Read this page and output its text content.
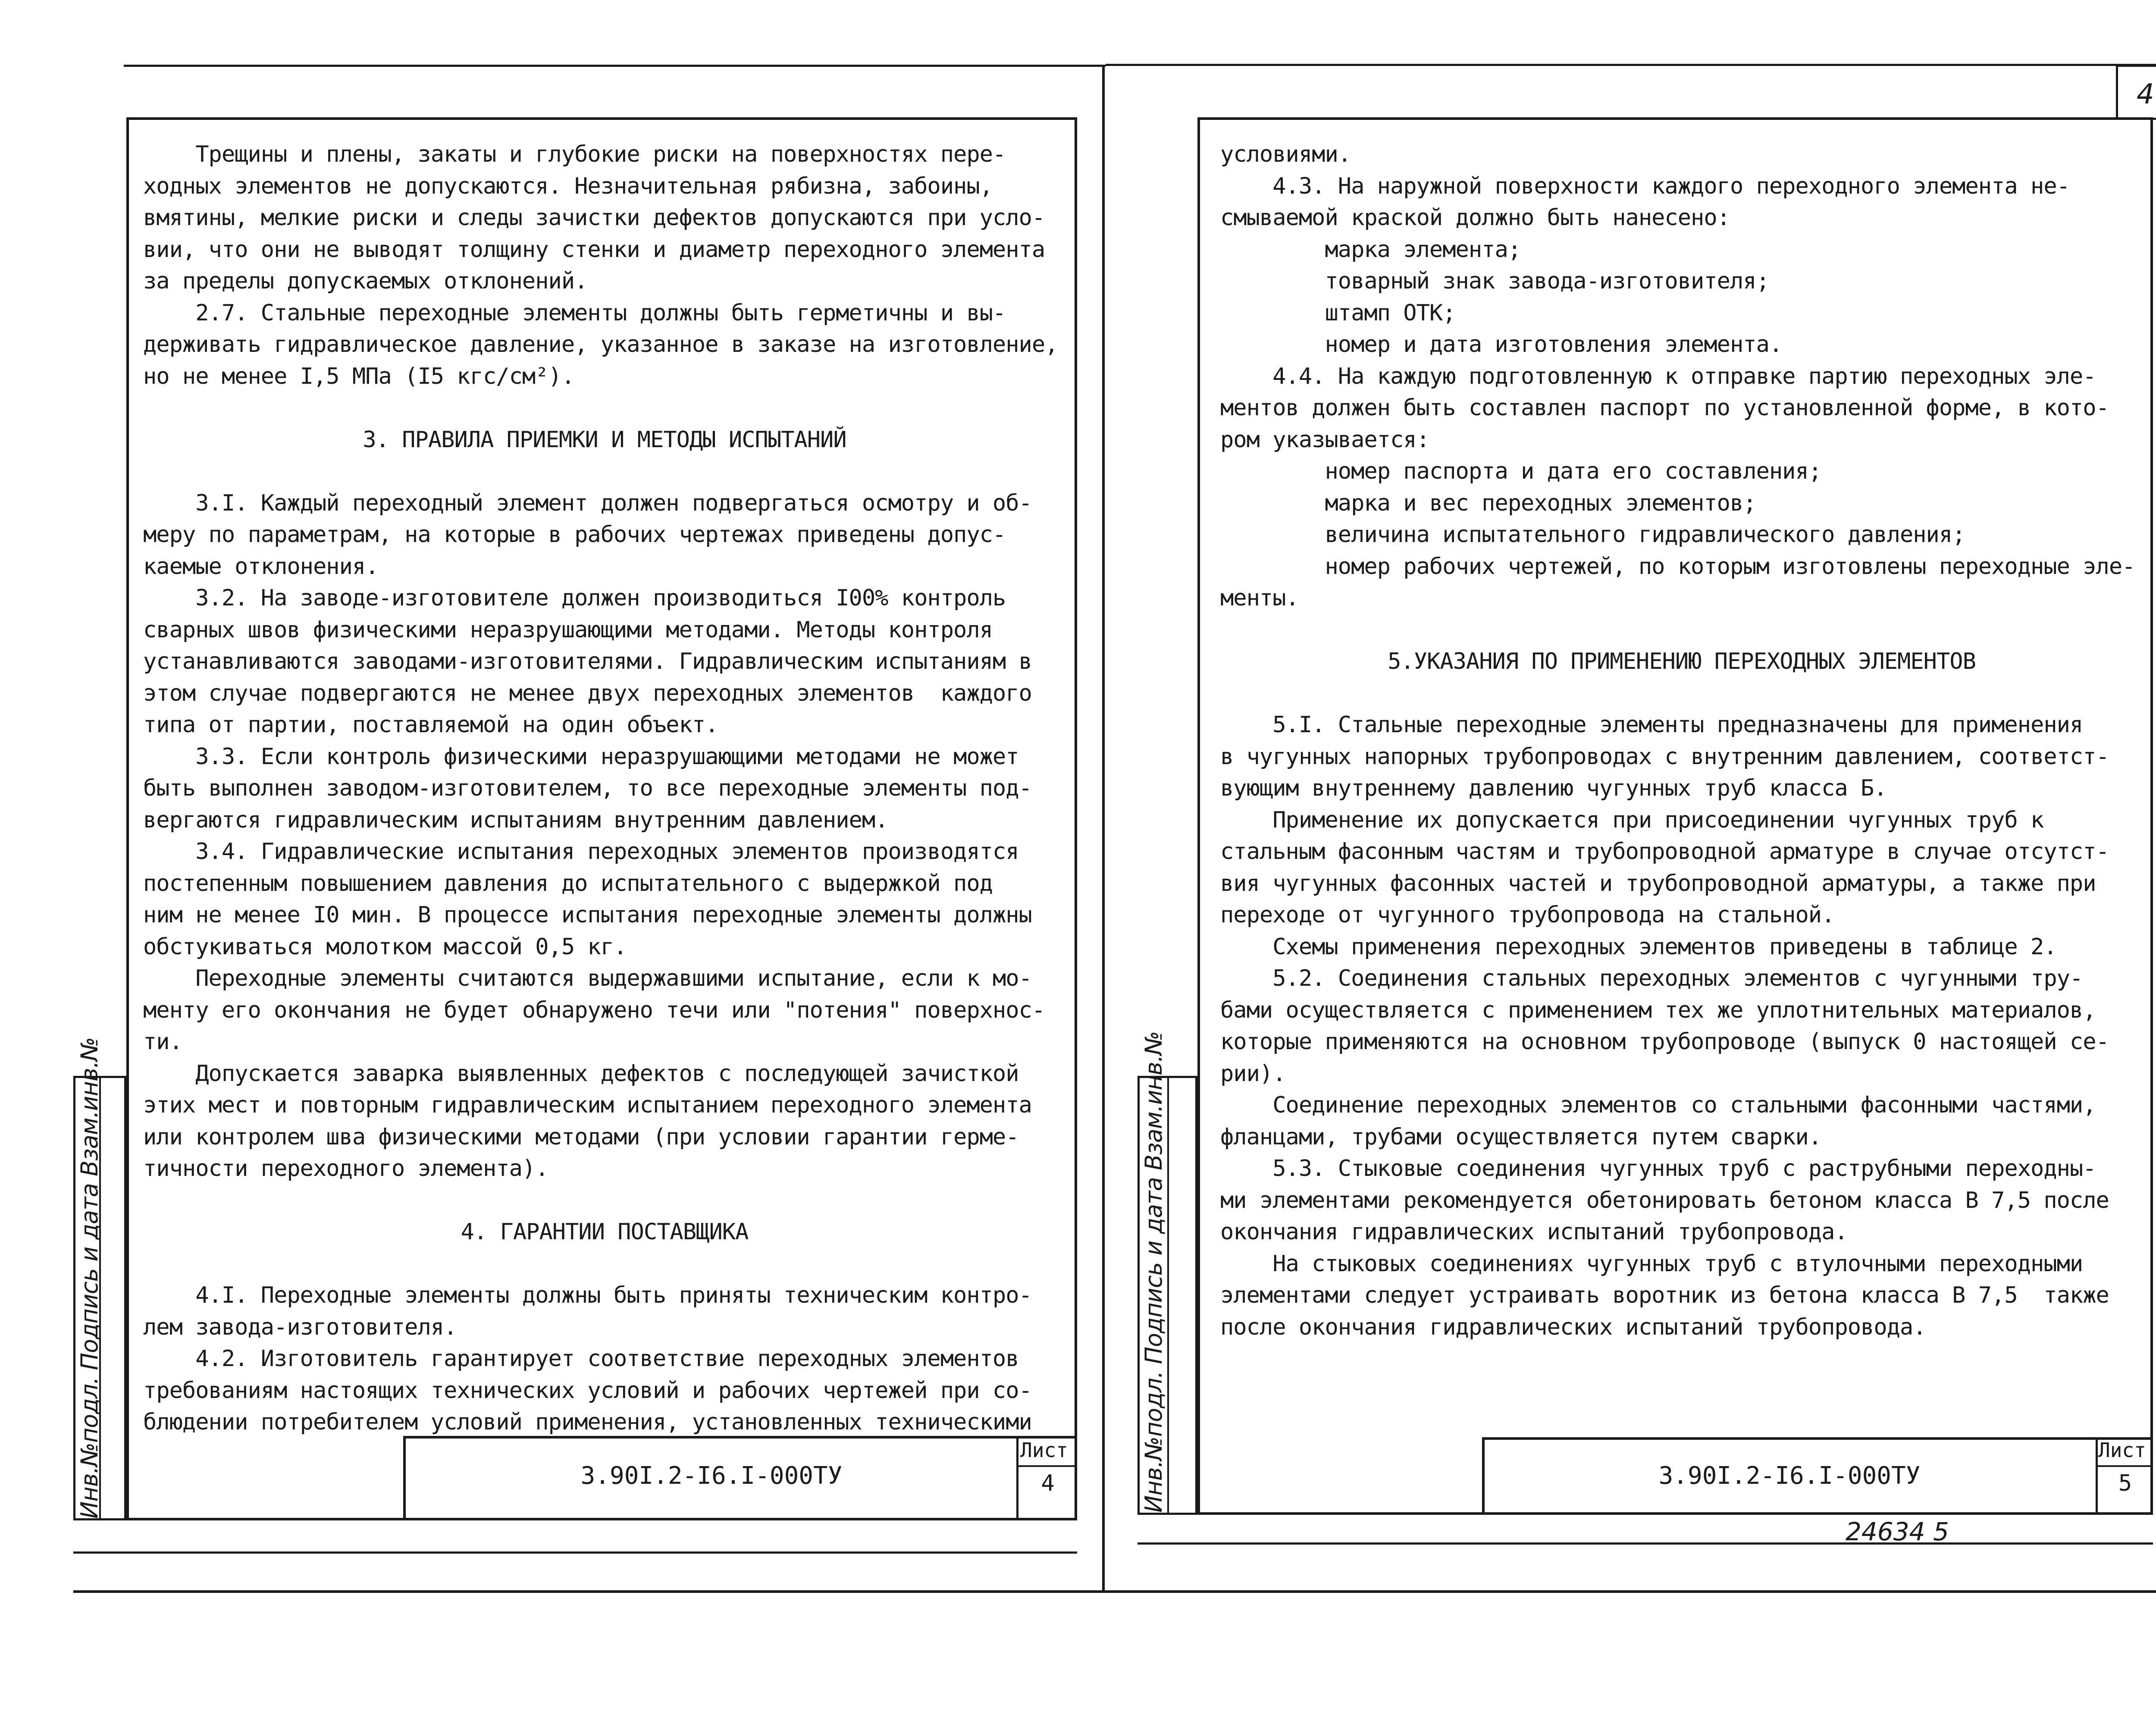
4
Инв.№подл. Подпись и дата Взам.инв.№
Трещины и плены, закаты и глубокие риски на поверхностях пере-
ходных элементов не допускаются. Незначительная рябизна, забоины,
вмятины, мелкие риски и следы зачистки дефектов допускаются при усло-
вии, что они не выводят толщину стенки и диаметр переходного элемента
за пределы допускаемых отклонений.
2.7. Стальные переходные элементы должны быть герметичны и вы-
держивать гидравлическое давление, указанное в заказе на изготовление,
но не менее I,5 МПа (I5 кгс/см²).
3. ПРАВИЛА ПРИЕМКИ И МЕТОДЫ ИСПЫТАНИЙ
3.I. Каждый переходный элемент должен подвергаться осмотру и об-
меру по параметрам, на которые в рабочих чертежах приведены допус-
каемые отклонения.
3.2. На заводе-изготовителе должен производиться I00% контроль
сварных швов физическими неразрушающими методами. Методы контроля
устанавливаются заводами-изготовителями. Гидравлическим испытаниям в
этом случае подвергаются не менее двух переходных элементов  каждого
типа от партии, поставляемой на один объект.
3.3. Если контроль физическими неразрушающими методами не может
быть выполнен заводом-изготовителем, то все переходные элементы под-
вергаются гидравлическим испытаниям внутренним давлением.
3.4. Гидравлические испытания переходных элементов производятся
постепенным повышением давления до испытательного с выдержкой под
ним не менее I0 мин. В процессе испытания переходные элементы должны
обстукиваться молотком массой 0,5 кг.
Переходные элементы считаются выдержавшими испытание, если к мо-
менту его окончания не будет обнаружено течи или "потения" поверхнос-
ти.
Допускается заварка выявленных дефектов с последующей зачисткой
этих мест и повторным гидравлическим испытанием переходного элемента
или контролем шва физическими методами (при условии гарантии герме-
тичности переходного элемента).
4. ГАРАНТИИ ПОСТАВЩИКА
4.I. Переходные элементы должны быть приняты техническим контро-
лем завода-изготовителя.
4.2. Изготовитель гарантирует соответствие переходных элементов
требованиям настоящих технических условий и рабочих чертежей при со-
блюдении потребителем условий применения, установленных техническими
3.90I.2-I6.I-000ТУ
Лист
4	Инв.№подл. Подпись и дата Взам.инв.№
условиями.
4.3. На наружной поверхности каждого переходного элемента не-
смываемой краской должно быть нанесено:
марка элемента;
товарный знак завода-изготовителя;
штамп ОТК;
номер и дата изготовления элемента.
4.4. На каждую подготовленную к отправке партию переходных эле-
ментов должен быть составлен паспорт по установленной форме, в кото-
ром указывается:
номер паспорта и дата его составления;
марка и вес переходных элементов;
величина испытательного гидравлического давления;
номер рабочих чертежей, по которым изготовлены переходные эле-
менты.
5.УКАЗАНИЯ ПО ПРИМЕНЕНИЮ ПЕРЕХОДНЫХ ЭЛЕМЕНТОВ
5.I. Стальные переходные элементы предназначены для применения
в чугунных напорных трубопроводах с внутренним давлением, соответст-
вующим внутреннему давлению чугунных труб класса Б.
Применение их допускается при присоединении чугунных труб к
стальным фасонным частям и трубопроводной арматуре в случае отсутст-
вия чугунных фасонных частей и трубопроводной арматуры, а также при
переходе от чугунного трубопровода на стальной.
Схемы применения переходных элементов приведены в таблице 2.
5.2. Соединения стальных переходных элементов с чугунными тру-
бами осуществляется с применением тех же уплотнительных материалов,
которые применяются на основном трубопроводе (выпуск 0 настоящей се-
рии).
Соединение переходных элементов со стальными фасонными частями,
фланцами, трубами осуществляется путем сварки.
5.3. Стыковые соединения чугунных труб с раструбными переходны-
ми элементами рекомендуется обетонировать бетоном класса В 7,5 после
окончания гидравлических испытаний трубопровода.
На стыковых соединениях чугунных труб с втулочными переходными
элементами следует устраивать воротник из бетона класса В 7,5  также
после окончания гидравлических испытаний трубопровода.
3.90I.2-I6.I-000ТУ
Лист
5
24634 5
